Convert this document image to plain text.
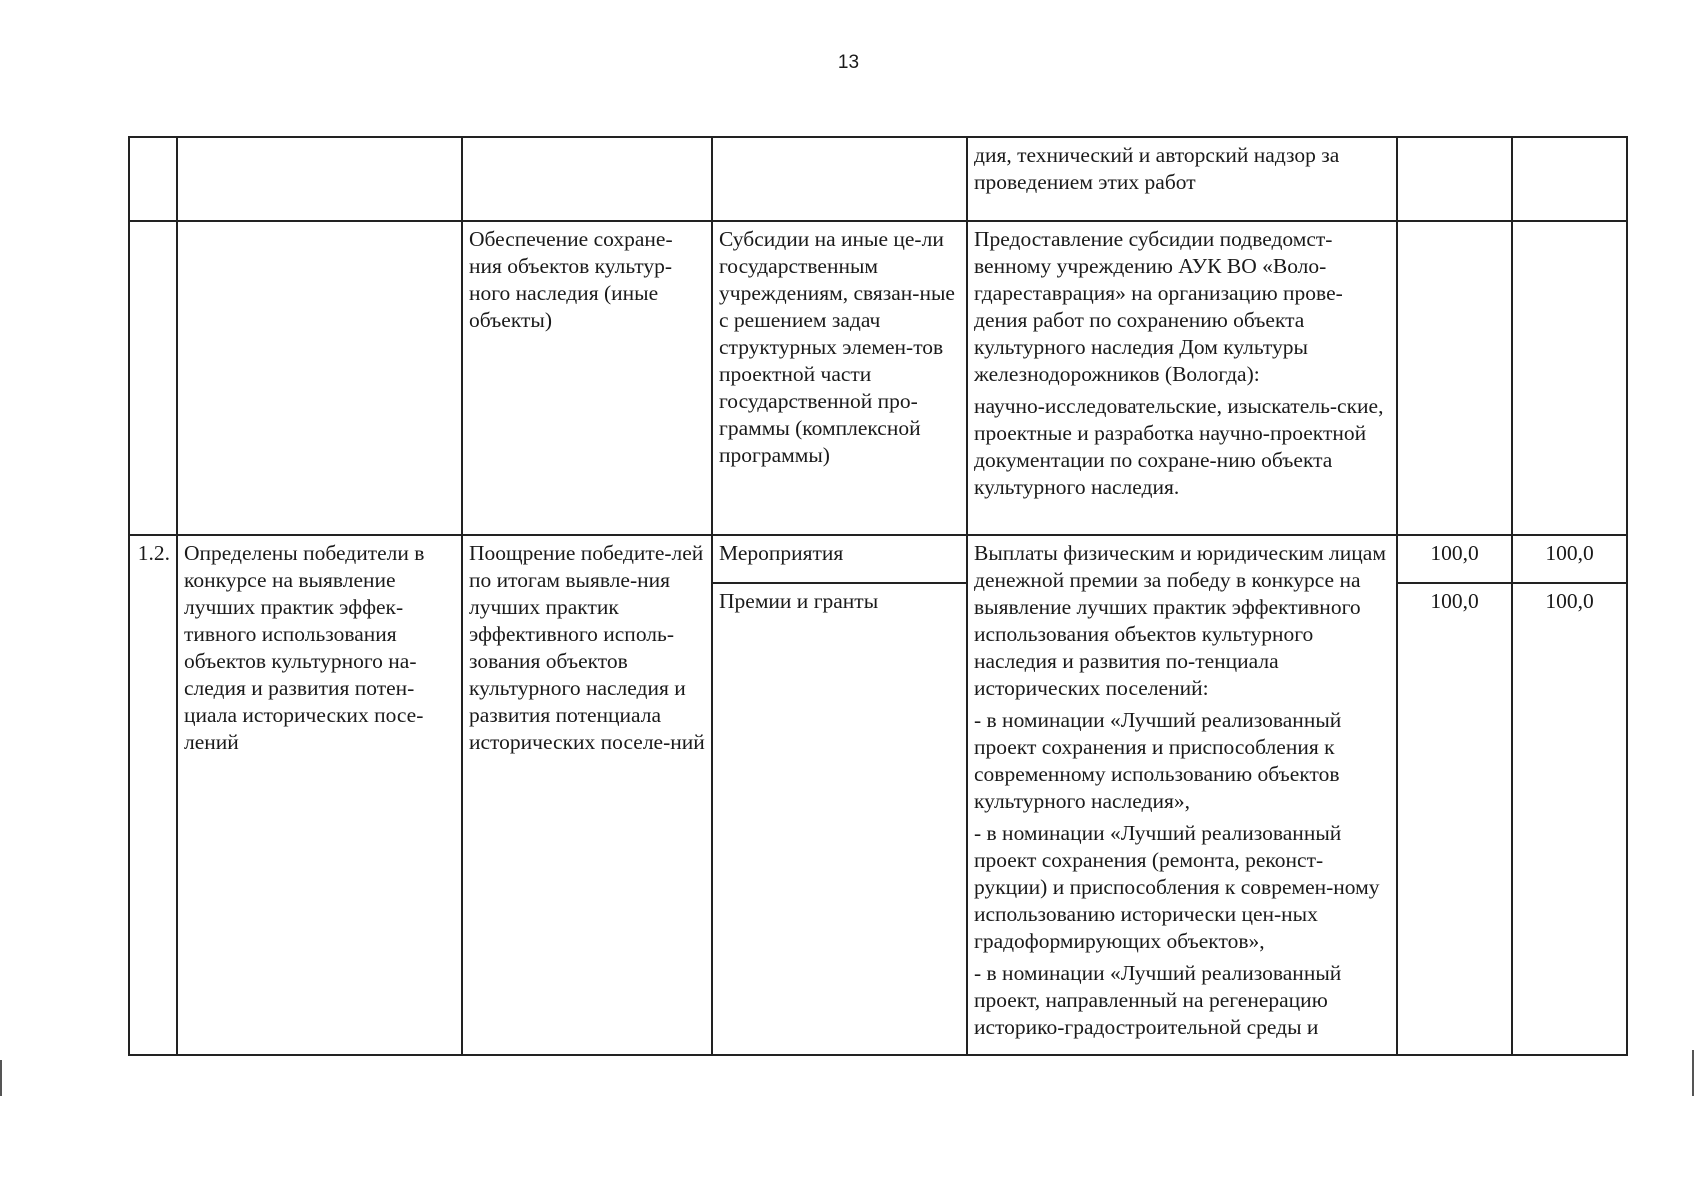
13
				дия, технический и авторский надзор за проведением этих работ		
		Обеспечение сохране-ния объектов культур-ного наследия (иные объекты)	Субсидии на иные це-ли государственным учреждениям, связан-ные с решением задач структурных элемен-тов проектной части государственной про-граммы (комплексной программы)	Предоставление субсидии подведомст-венному учреждению АУК ВО «Воло-гдареставрация» на организацию прове-дения работ по сохранению объекта культурного наследия Дом культуры железнодорожников (Вологда):
научно-исследовательские, изыскатель-ские, проектные и разработка научно-проектной документации по сохране-нию объекта культурного наследия.		

1.2.	Определены победители в конкурсе на выявление лучших практик эффек-тивного использования объектов культурного на-следия и развития потен-циала исторических посе-лений	Поощрение победите-лей по итогам выявле-ния лучших практик эффективного исполь-зования объектов культурного наследия и развития потенциала исторических поселе-ний	Мероприятия	Выплаты физическим и юридическим лицам денежной премии за победу в конкурсе на выявление лучших практик эффективного использования объектов культурного наследия и развития по-тенциала исторических поселений:
- в номинации «Лучший реализованный проект сохранения и приспособления к современному использованию объектов культурного наследия»,
- в номинации «Лучший реализованный проект сохранения (ремонта, реконст-рукции) и приспособления к современ-ному использованию исторически цен-ных градоформирующих объектов»,
- в номинации «Лучший реализованный проект, направленный на регенерацию историко-градостроительной среды и	100,0	100,0
			Премии и гранты		100,0	100,0
